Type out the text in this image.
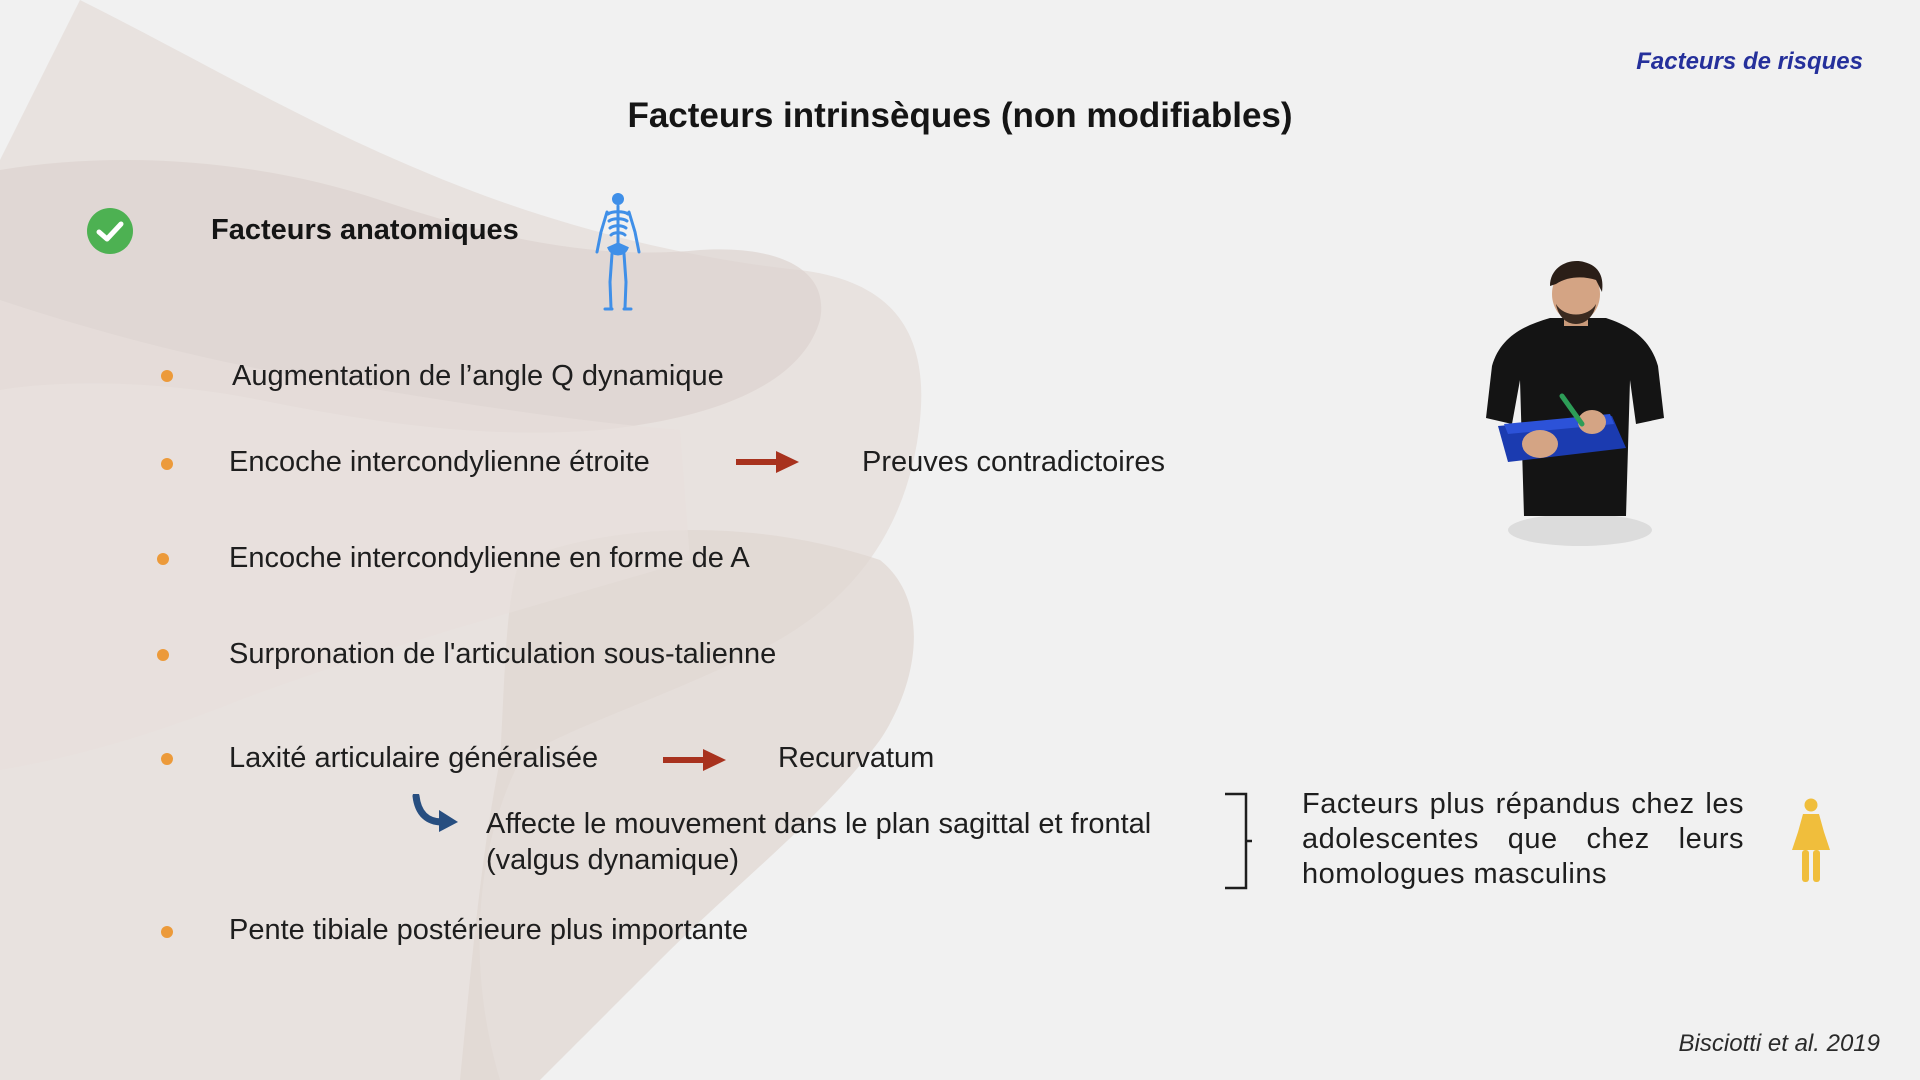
Facteurs de risques
Facteurs intrinsèques (non modifiables)
Facteurs anatomiques
Augmentation de l’angle Q dynamique
Encoche intercondylienne étroite	Preuves contradictoires
Encoche intercondylienne en forme de A
Surpronation de l'articulation sous-talienne
Laxité articulaire généralisée	Recurvatum
Affecte le mouvement dans le plan sagittal et frontal
(valgus dynamique)
Pente tibiale postérieure plus importante
Facteurs plus répandus chez les adolescentes que chez leurs homologues masculins
Bisciotti et al. 2019
